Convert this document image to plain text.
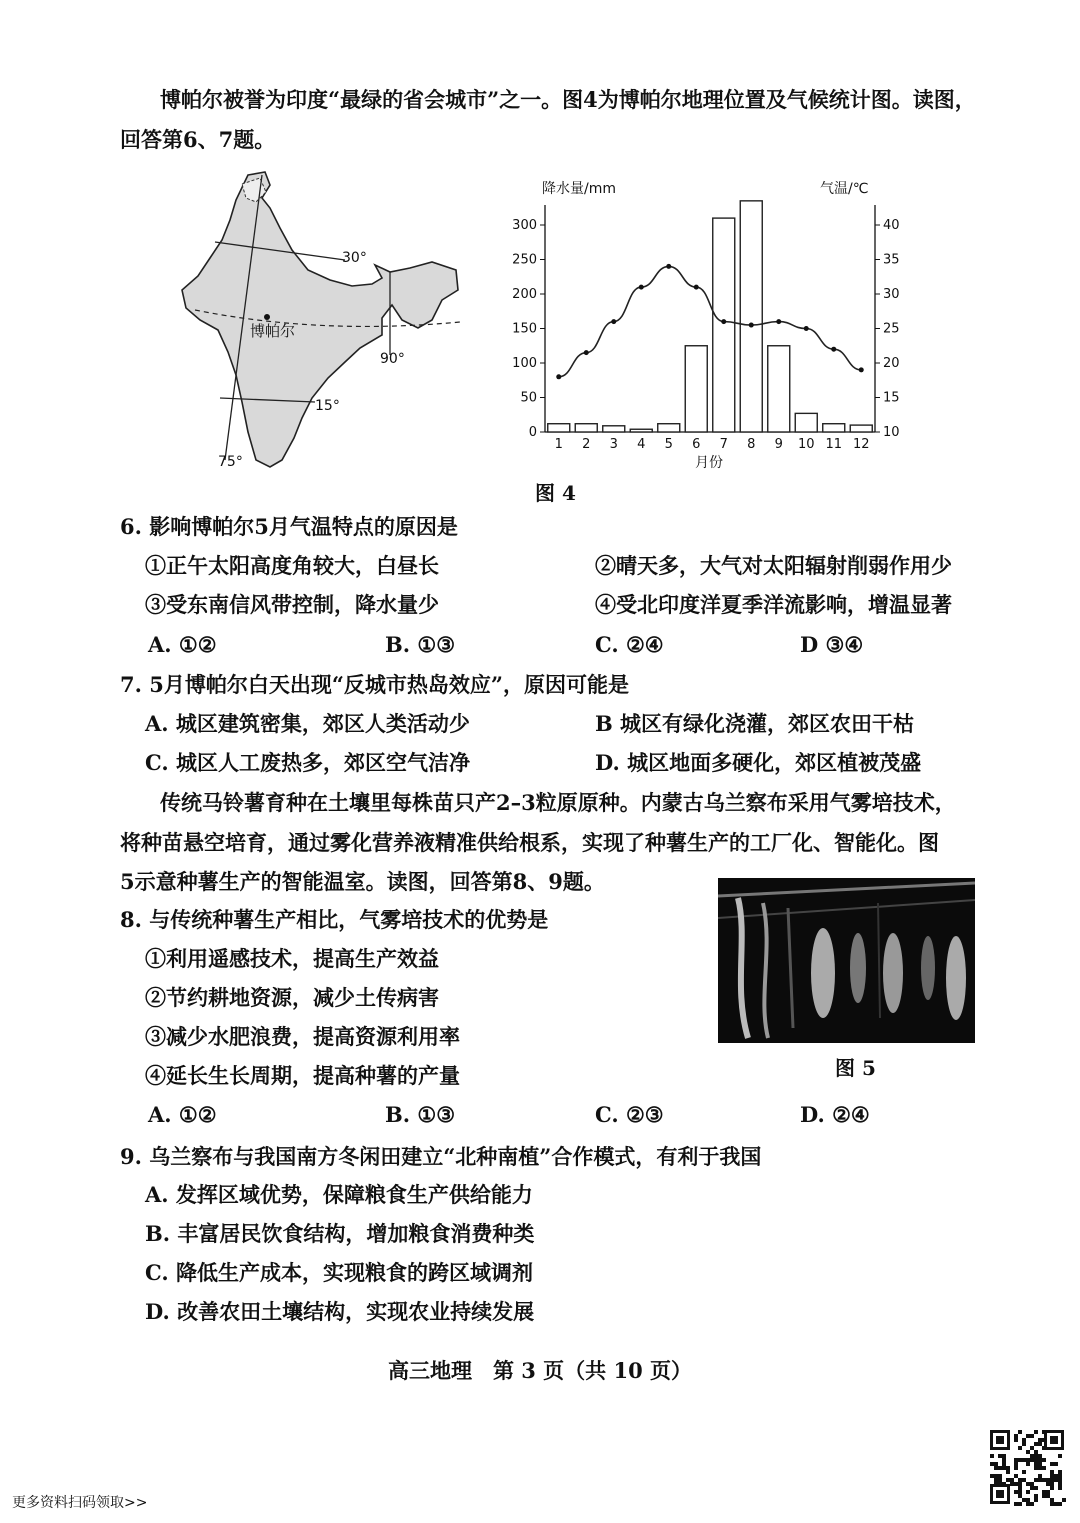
博帕尔被誉为印度“最绿的省会城市”之一。图4为博帕尔地理位置及气候统计图。读图，
回答第6、7题。
博帕尔
30°
90°
15°
75°
降水量/mm	气温/℃
0
50
100
150
200
250
300
10
15
20
25
30
35
40
1 2 3 4 5 6 7 8 9 10 11 12
月份
图 4
6. 影响博帕尔5月气温特点的原因是
①正午太阳高度角较大，白昼长	②晴天多，大气对太阳辐射削弱作用少
③受东南信风带控制，降水量少	④受北印度洋夏季洋流影响，增温显著
A. ①②	B. ①③	C. ②④	D ③④
7. 5月博帕尔白天出现“反城市热岛效应”，原因可能是
A. 城区建筑密集，郊区人类活动少	B 城区有绿化浇灌，郊区农田干枯
C. 城区人工废热多，郊区空气洁净	D. 城区地面多硬化，郊区植被茂盛
传统马铃薯育种在土壤里每株苗只产2–3粒原原种。内蒙古乌兰察布采用气雾培技术，
将种苗悬空培育，通过雾化营养液精准供给根系，实现了种薯生产的工厂化、智能化。图
5示意种薯生产的智能温室。读图，回答第8、9题。
8. 与传统种薯生产相比，气雾培技术的优势是
①利用遥感技术，提高生产效益
②节约耕地资源，减少土传病害
③减少水肥浪费，提高资源利用率
④延长生长周期，提高种薯的产量
A. ①②	B. ①③	C. ②③	D. ②④
图 5
9. 乌兰察布与我国南方冬闲田建立“北种南植”合作模式，有利于我国
A. 发挥区域优势，保障粮食生产供给能力
B. 丰富居民饮食结构，增加粮食消费种类
C. 降低生产成本，实现粮食的跨区域调剂
D. 改善农田土壤结构，实现农业持续发展
高三地理　第 3 页（共 10 页）
更多资料扫码领取>>
